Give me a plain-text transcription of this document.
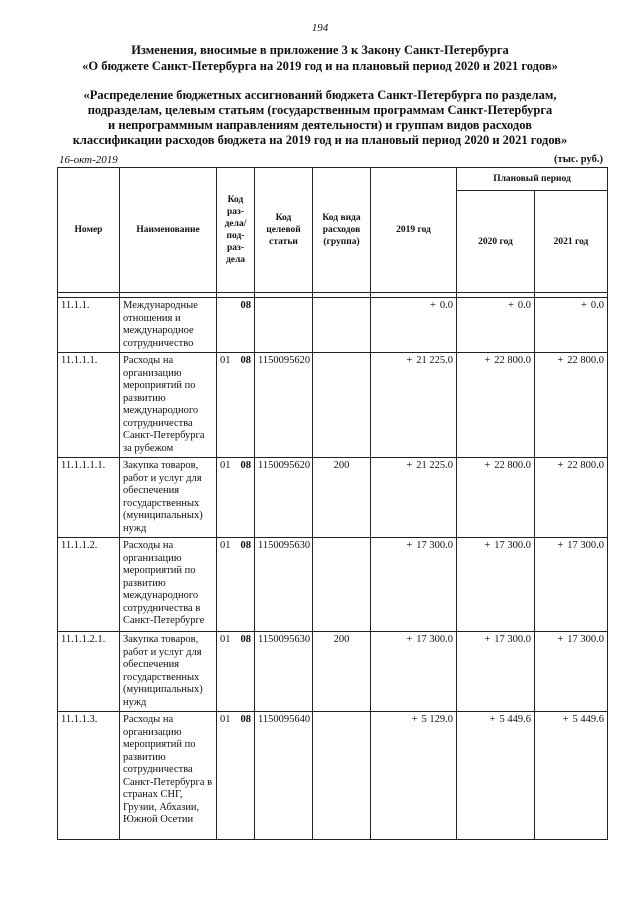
194
Изменения, вносимые в приложение 3 к Закону Санкт-Петербурга
«О бюджете Санкт-Петербурга на 2019 год и на плановый период 2020 и 2021 годов»
«Распределение бюджетных ассигнований бюджета Санкт-Петербурга по разделам,
подразделам, целевым статьям (государственным программам Санкт-Петербурга
и непрограммным направлениям деятельности) и группам видов расходов
классификации расходов бюджета на 2019 год и на плановый период 2020 и 2021 годов»
16-окт-2019	(тыс. руб.)
Номер	Наименование	Код раз-дела/ под-раз-дела	Код целевой статьи	Код вида расходов (группа)	2019 год	Плановый период	
						2020 год	2021 год

11.1.1.	Международные отношения и международное сотрудничество	08			+ 0.0	+ 0.0	+ 0.0
11.1.1.1.	Расходы на организацию мероприятий по развитию международного сотрудничества Санкт-Петербурга за рубежом	01 08	1150095620		+ 21 225.0	+ 22 800.0	+ 22 800.0
11.1.1.1.1.	Закупка товаров, работ и услуг для обеспечения государственных (муниципальных) нужд	01 08	1150095620	200	+ 21 225.0	+ 22 800.0	+ 22 800.0
11.1.1.2.	Расходы на организацию мероприятий по развитию международного сотрудничества в Санкт-Петербурге	01 08	1150095630		+ 17 300.0	+ 17 300.0	+ 17 300.0
11.1.1.2.1.	Закупка товаров, работ и услуг для обеспечения государственных (муниципальных) нужд	01 08	1150095630	200	+ 17 300.0	+ 17 300.0	+ 17 300.0
11.1.1.3.	Расходы на организацию мероприятий по развитию сотрудничества Санкт-Петербурга в странах СНГ, Грузии, Абхазии, Южной Осетии	01 08	1150095640		+ 5 129.0	+ 5 449.6	+ 5 449.6
